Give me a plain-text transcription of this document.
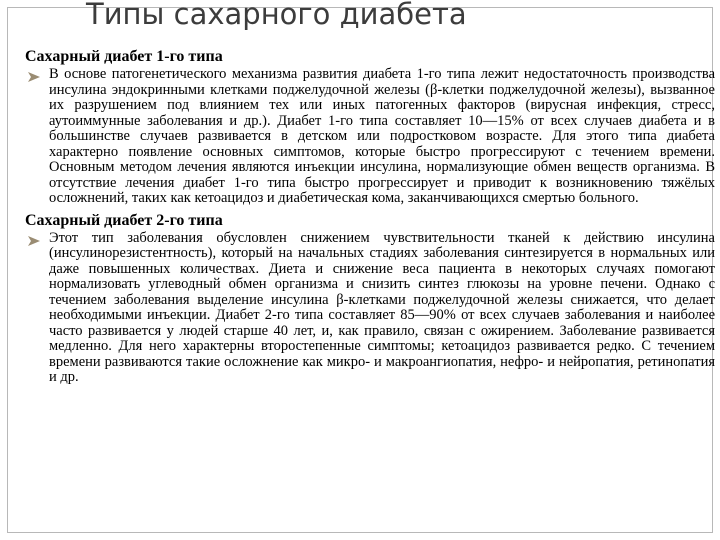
Типы сахарного диабета
Сахарный диабет 1-го типа
В основе патогенетического механизма развития диабета 1-го типа лежит недостаточность производства инсулина эндокринными клетками поджелудочной железы (β-клетки поджелудочной железы), вызванное их разрушением под влиянием тех или иных патогенных факторов (вирусная инфекция, стресс, аутоиммунные заболевания и др.). Диабет 1-го типа составляет 10—15% от всех случаев диабета и в большинстве случаев развивается в детском или подростковом возрасте. Для этого типа диабета характерно появление основных симптомов, которые быстро прогрессируют с течением времени. Основным методом лечения являются инъекции инсулина, нормализующие обмен веществ организма. В отсутствие лечения диабет 1-го типа быстро прогрессирует и приводит к возникновению тяжёлых осложнений, таких как кетоацидоз и диабетическая кома, заканчивающихся смертью больного.
Сахарный диабет 2-го типа
Этот тип заболевания обусловлен снижением чувствительности тканей к действию инсулина (инсулинорезистентность), который на начальных стадиях заболевания синтезируется в нормальных или даже повышенных количествах. Диета и снижение веса пациента в некоторых случаях помогают нормализовать углеводный обмен организма и снизить синтез глюкозы на уровне печени. Однако с течением заболевания выделение инсулина β-клетками поджелудочной железы снижается, что делает необходимыми инъекции. Диабет 2-го типа составляет 85—90% от всех случаев заболевания и наиболее часто развивается у людей старше 40 лет, и, как правило, связан с ожирением. Заболевание развивается медленно. Для него характерны второстепенные симптомы; кетоацидоз развивается редко. С течением времени развиваются такие осложнение как микро- и макроангиопатия, нефро- и нейропатия, ретинопатия и др.
